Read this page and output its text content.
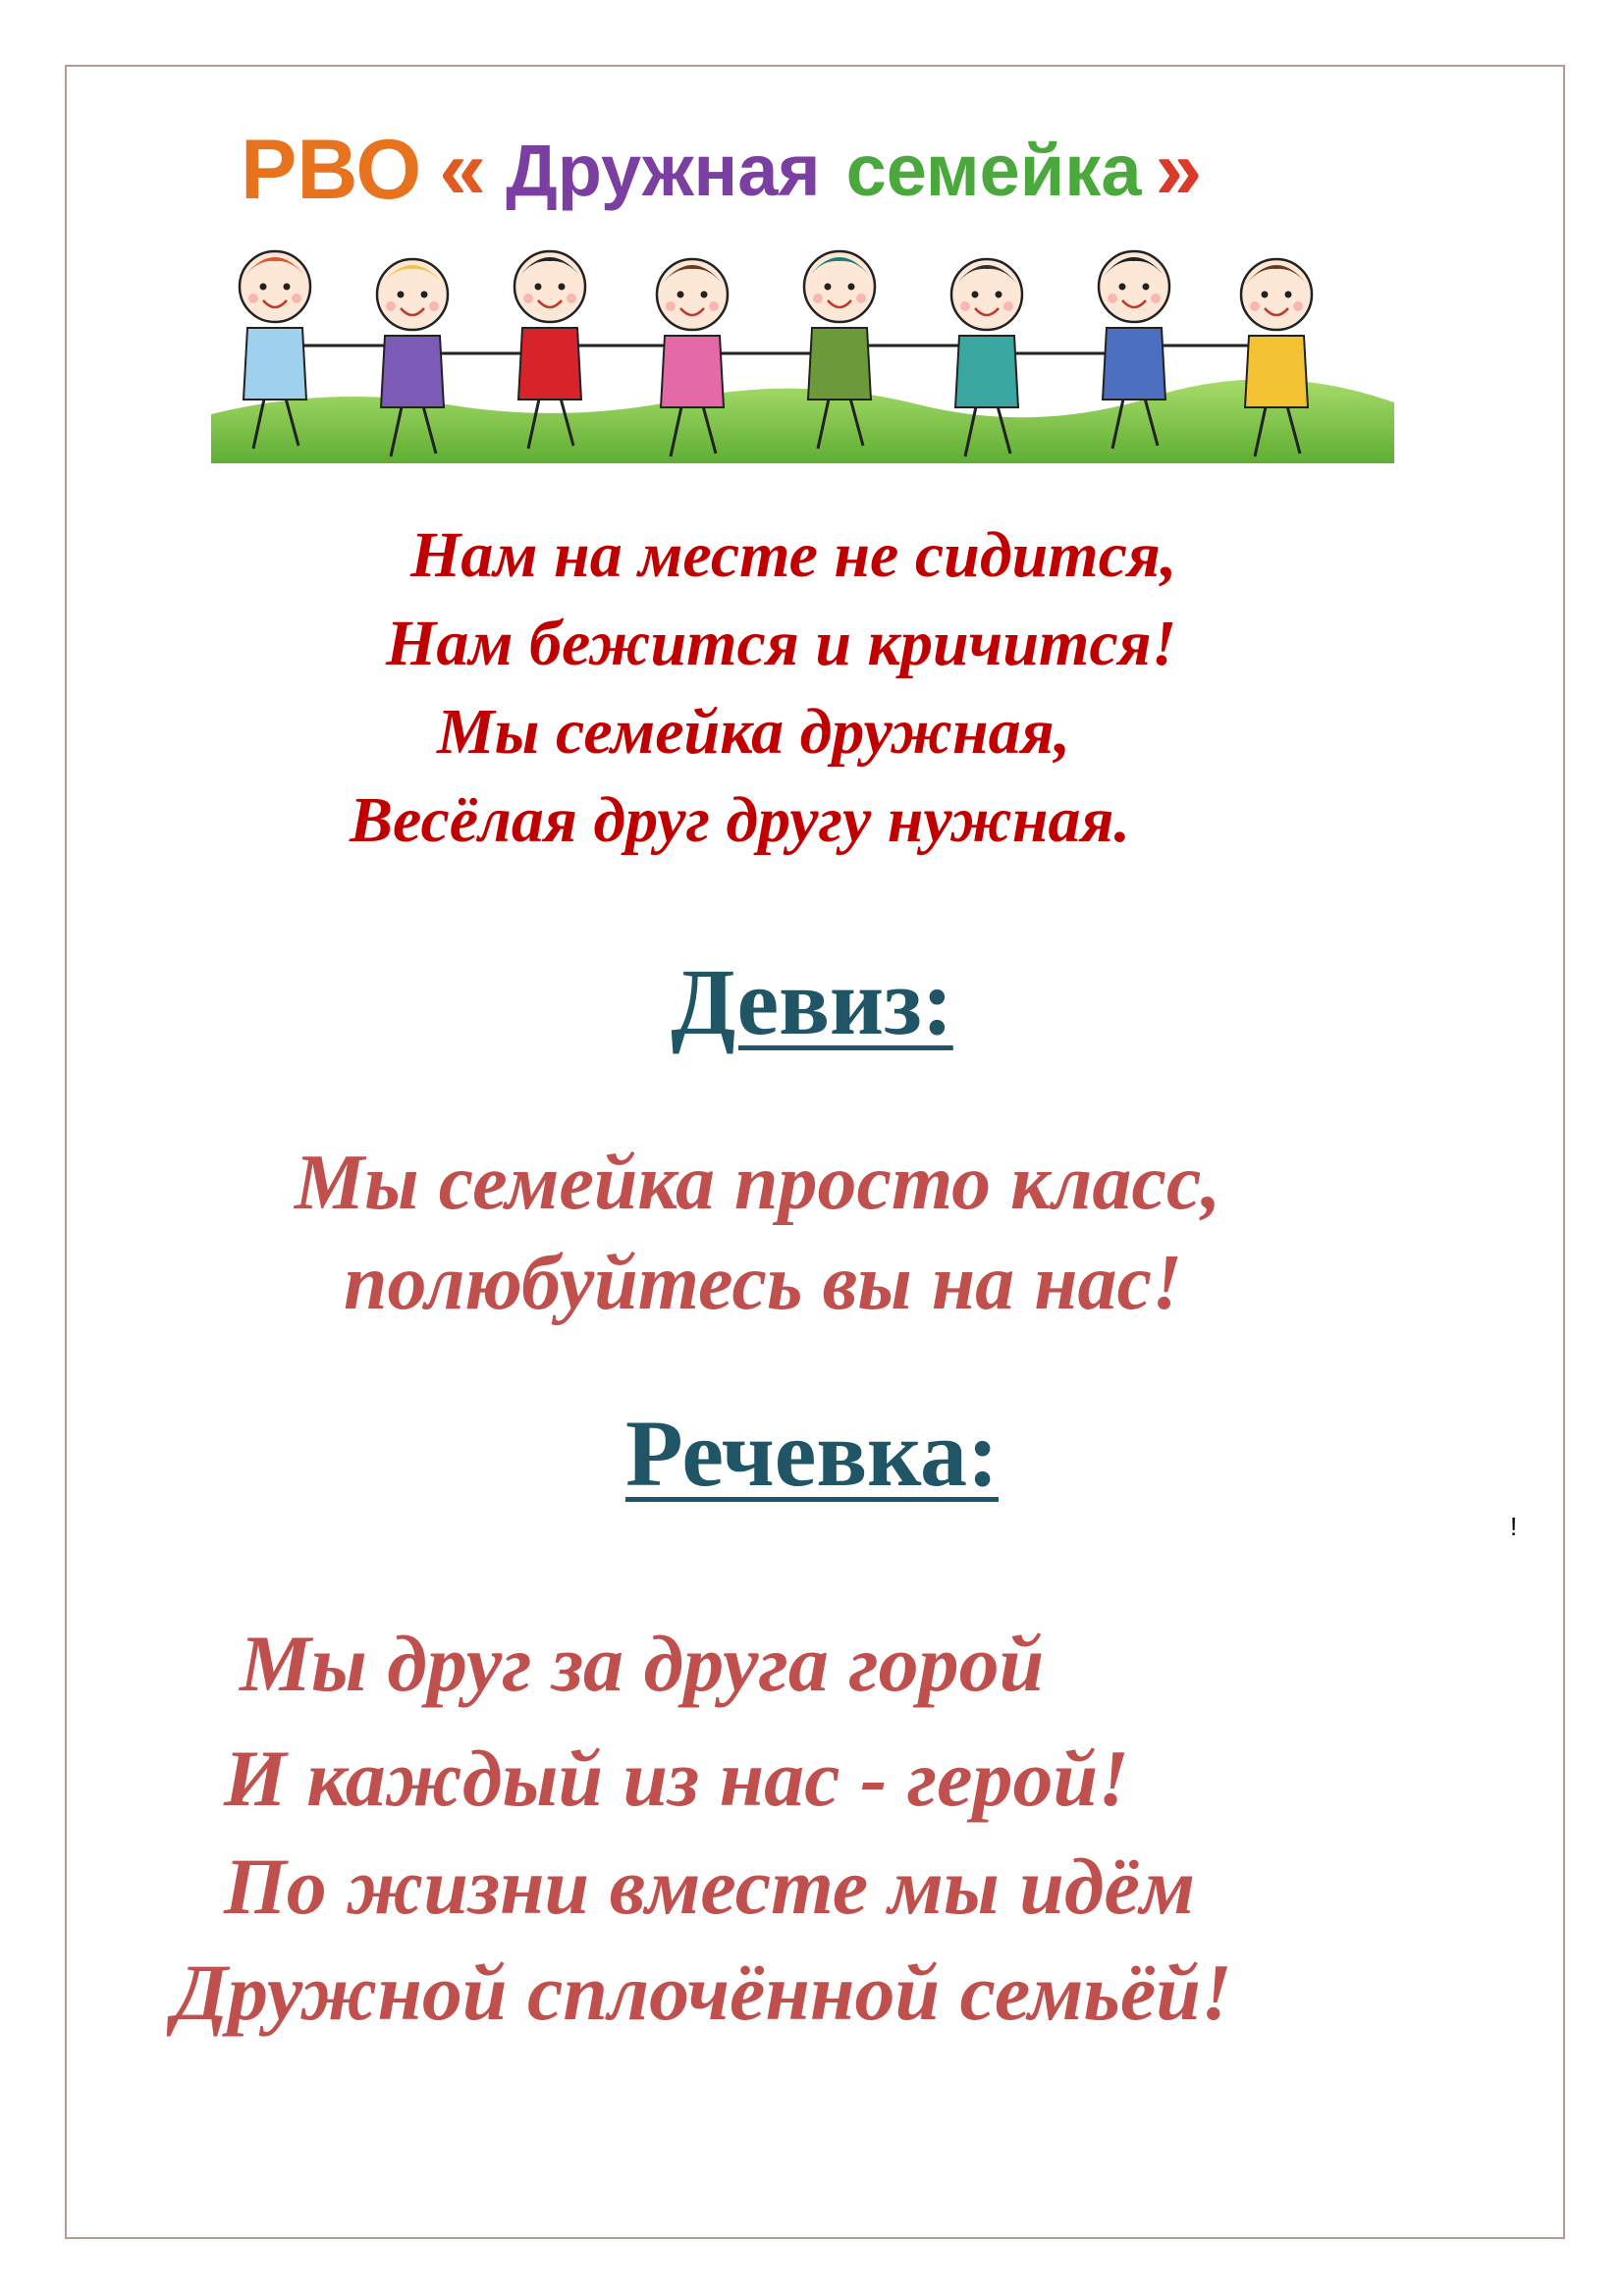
РВО « Дружная семейка »
Нам на месте не сидится,
Нам бежится и кричится!
Мы семейка дружная,
Весёлая друг другу нужная.
Девиз:
Мы семейка просто класс,
полюбуйтесь вы на нас!
Речевка:
!
Мы друг за друга горой
И каждый из нас - герой!
По жизни вместе мы идём
Дружной сплочённой семьёй!
